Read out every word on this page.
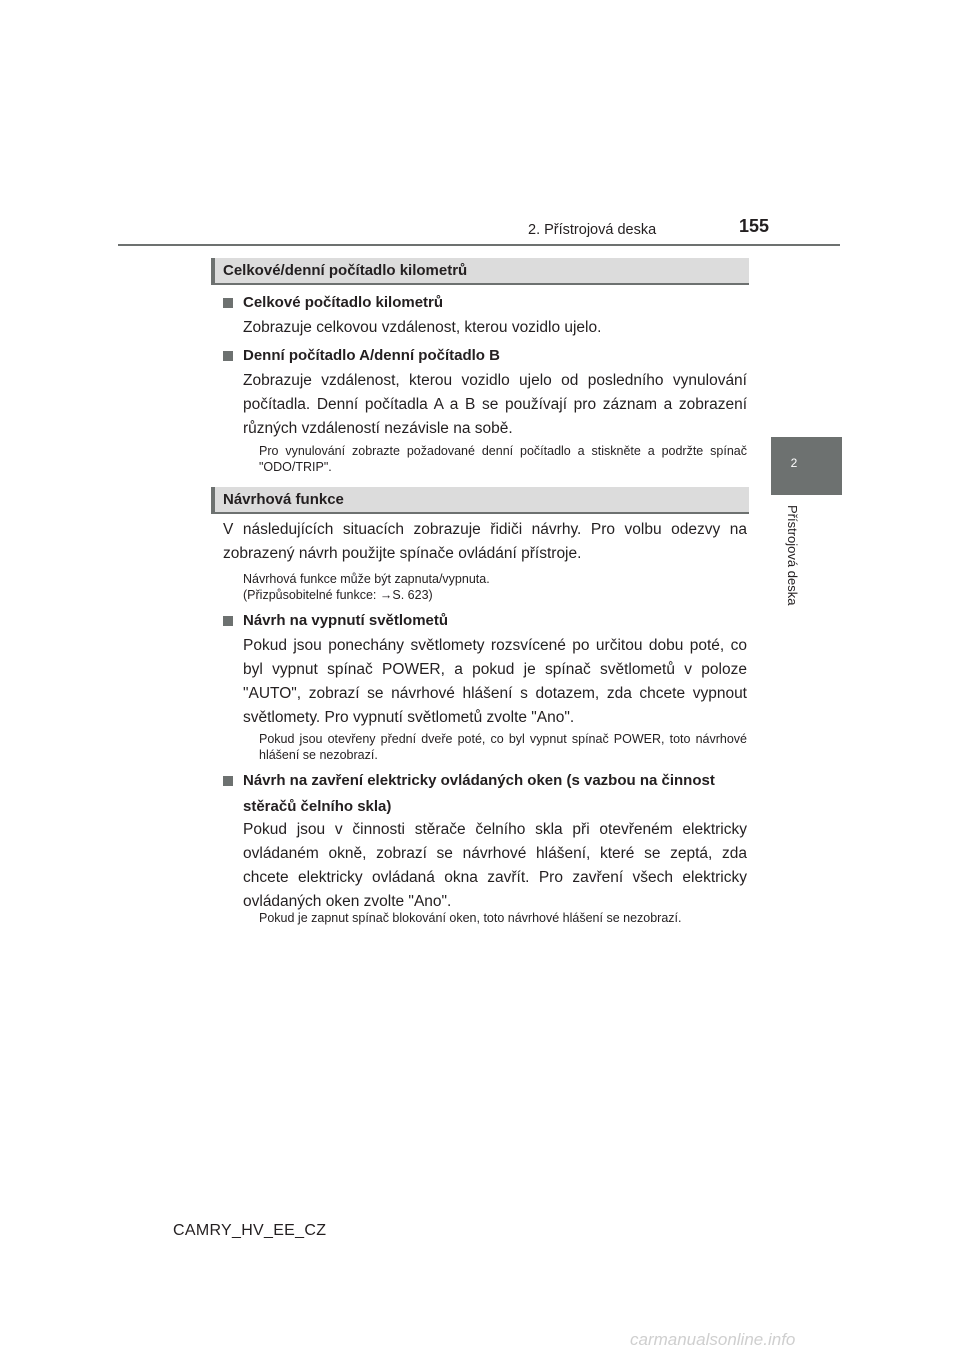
2. Přístrojová deska	155
2
Přístrojová deska
Celkové/denní počítadlo kilometrů
Celkové počítadlo kilometrů
Zobrazuje celkovou vzdálenost, kterou vozidlo ujelo.
Denní počítadlo A/denní počítadlo B
Zobrazuje vzdálenost, kterou vozidlo ujelo od posledního vynulování počítadla. Denní počítadla A a B se používají pro záznam a zobrazení různých vzdáleností nezávisle na sobě.
Pro vynulování zobrazte požadované denní počítadlo a stiskněte a podržte spínač "ODO/TRIP".
Návrhová funkce
V následujících situacích zobrazuje řidiči návrhy. Pro volbu odezvy na zobrazený návrh použijte spínače ovládání přístroje.
Návrhová funkce může být zapnuta/vypnuta.
(Přizpůsobitelné funkce: →S. 623)
Návrh na vypnutí světlometů
Pokud jsou ponechány světlomety rozsvícené po určitou dobu poté, co byl vypnut spínač POWER, a pokud je spínač světlometů v poloze "AUTO", zobrazí se návrhové hlášení s dotazem, zda chcete vypnout světlomety. Pro vypnutí světlometů zvolte "Ano".
Pokud jsou otevřeny přední dveře poté, co byl vypnut spínač POWER, toto návrhové hlášení se nezobrazí.
Návrh na zavření elektricky ovládaných oken (s vazbou na činnost stěračů čelního skla)
Pokud jsou v činnosti stěrače čelního skla při otevřeném elektricky ovládaném okně, zobrazí se návrhové hlášení, které se zeptá, zda chcete elektricky ovládaná okna zavřít. Pro zavření všech elektricky ovládaných oken zvolte "Ano".
Pokud je zapnut spínač blokování oken, toto návrhové hlášení se nezobrazí.
CAMRY_HV_EE_CZ
carmanualsonline.info
